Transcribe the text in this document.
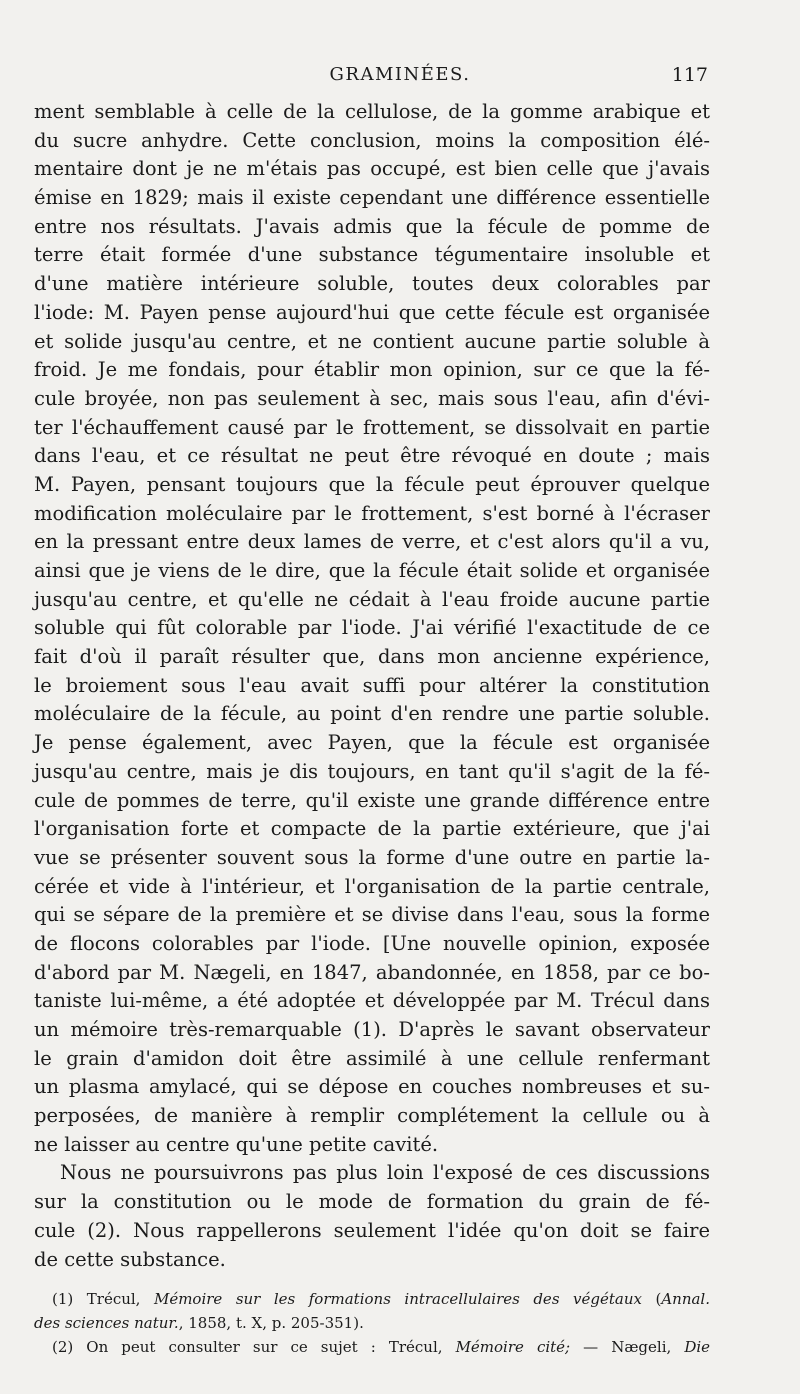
GRAMINÉES.	117
ment semblable à celle de la cellulose, de la gomme arabique et
du sucre anhydre. Cette conclusion, moins la composition élé-
mentaire dont je ne m'étais pas occupé, est bien celle que j'avais
émise en 1829; mais il existe cependant une différence essentielle
entre nos résultats. J'avais admis que la fécule de pomme de
terre était formée d'une substance tégumentaire insoluble et
d'une matière intérieure soluble, toutes deux colorables par
l'iode: M. Payen pense aujourd'hui que cette fécule est organisée
et solide jusqu'au centre, et ne contient aucune partie soluble à
froid. Je me fondais, pour établir mon opinion, sur ce que la fé-
cule broyée, non pas seulement à sec, mais sous l'eau, afin d'évi-
ter l'échauffement causé par le frottement, se dissolvait en partie
dans l'eau, et ce résultat ne peut être révoqué en doute ; mais
M. Payen, pensant toujours que la fécule peut éprouver quelque
modification moléculaire par le frottement, s'est borné à l'écraser
en la pressant entre deux lames de verre, et c'est alors qu'il a vu,
ainsi que je viens de le dire, que la fécule était solide et organisée
jusqu'au centre, et qu'elle ne cédait à l'eau froide aucune partie
soluble qui fût colorable par l'iode. J'ai vérifié l'exactitude de ce
fait d'où il paraît résulter que, dans mon ancienne expérience,
le broiement sous l'eau avait suffi pour altérer la constitution
moléculaire de la fécule, au point d'en rendre une partie soluble.
Je pense également, avec Payen, que la fécule est organisée
jusqu'au centre, mais je dis toujours, en tant qu'il s'agit de la fé-
cule de pommes de terre, qu'il existe une grande différence entre
l'organisation forte et compacte de la partie extérieure, que j'ai
vue se présenter souvent sous la forme d'une outre en partie la-
cérée et vide à l'intérieur, et l'organisation de la partie centrale,
qui se sépare de la première et se divise dans l'eau, sous la forme
de flocons colorables par l'iode. [Une nouvelle opinion, exposée
d'abord par M. Nægeli, en 1847, abandonnée, en 1858, par ce bo-
taniste lui-même, a été adoptée et développée par M. Trécul dans
un mémoire très-remarquable (1). D'après le savant observateur
le grain d'amidon doit être assimilé à une cellule renfermant
un plasma amylacé, qui se dépose en couches nombreuses et su-
perposées, de manière à remplir complétement la cellule ou à
ne laisser au centre qu'une petite cavité.
Nous ne poursuivrons pas plus loin l'exposé de ces discussions
sur la constitution ou le mode de formation du grain de fé-
cule (2). Nous rappellerons seulement l'idée qu'on doit se faire
de cette substance.
(1) Trécul, Mémoire sur les formations intracellulaires des végétaux (Annal.
des sciences natur., 1858, t. X, p. 205-351).
(2) On peut consulter sur ce sujet : Trécul, Mémoire cité; — Nægeli, Die
